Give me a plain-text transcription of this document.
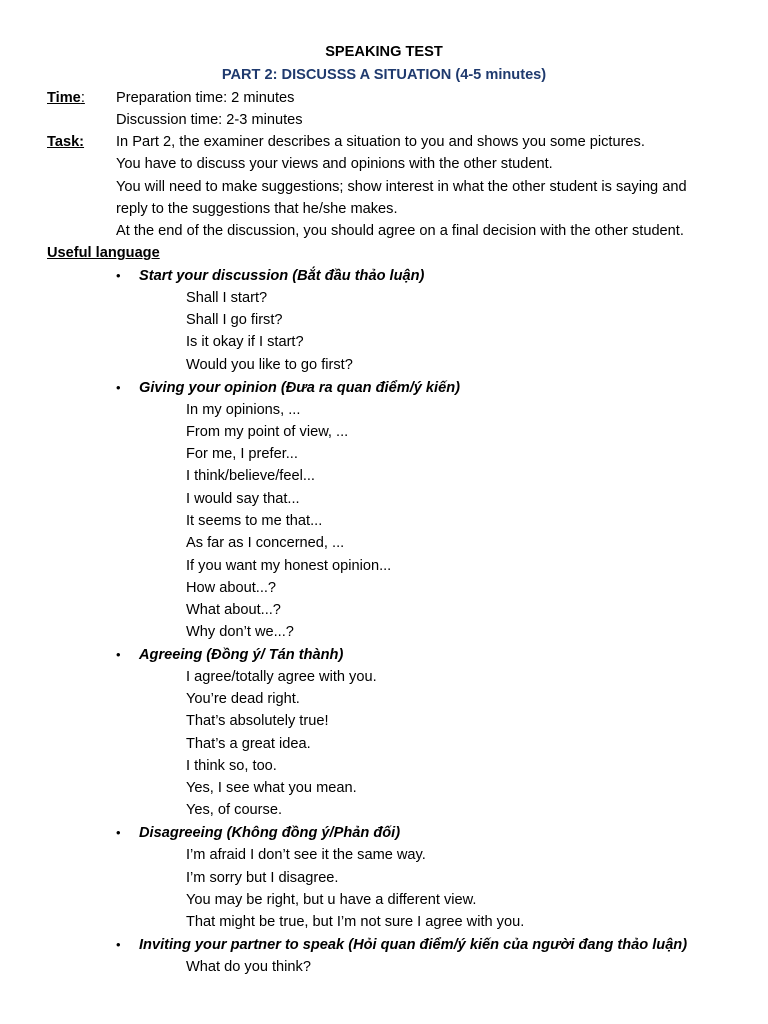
SPEAKING TEST
PART 2: DISCUSSS A SITUATION (4-5 minutes)
Time: Preparation time: 2 minutes
Discussion time: 2-3 minutes
Task: In Part 2, the examiner describes a situation to you and shows you some pictures.
You have to discuss your views and opinions with the other student.
You will need to make suggestions; show interest in what the other student is saying and
reply to the suggestions that he/she makes.
At the end of the discussion, you should agree on a final decision with the other student.
Useful language
• Start your discussion (Bắt đầu thảo luận)
Shall I start?
Shall I go first?
Is it okay if I start?
Would you like to go first?
• Giving your opinion (Đưa ra quan điểm/ý kiến)
In my opinions, ...
From my point of view, ...
For me, I prefer...
I think/believe/feel...
I would say that...
It seems to me that...
As far as I concerned, ...
If you want my honest opinion...
How about...?
What about...?
Why don’t we...?
• Agreeing (Đồng ý/ Tán thành)
I agree/totally agree with you.
You’re dead right.
That’s absolutely true!
That’s a great idea.
I think so, too.
Yes, I see what you mean.
Yes, of course.
• Disagreeing (Không đồng ý/Phản đối)
I’m afraid I don’t see it the same way.
I’m sorry but I disagree.
You may be right, but u have a different view.
That might be true, but I’m not sure I agree with you.
• Inviting your partner to speak (Hỏi quan điểm/ý kiến của người đang thảo luận)
What do you think?
